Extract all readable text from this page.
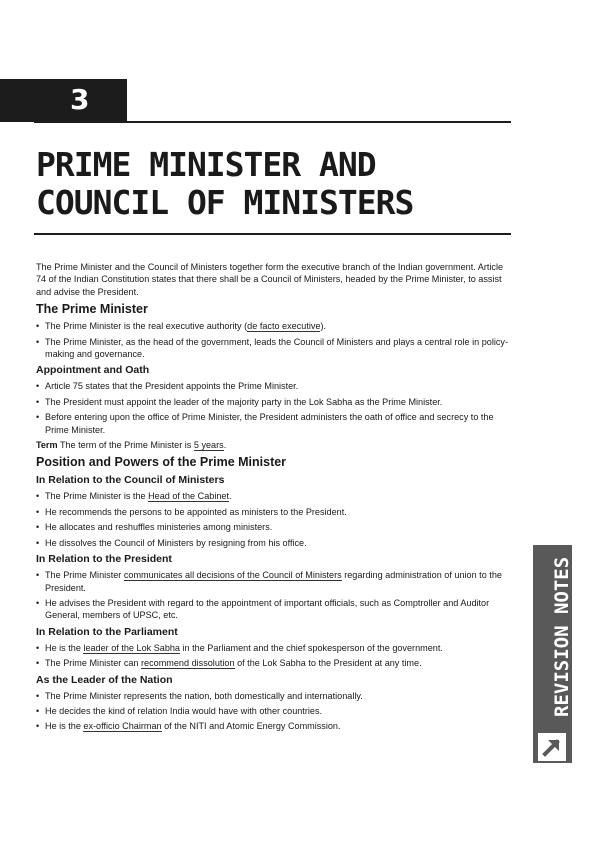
3
PRIME MINISTER AND
COUNCIL OF MINISTERS

The Prime Minister and the Council of Ministers together form the executive branch of the Indian government. Article 74 of the Indian Constitution states that there shall be a Council of Ministers, headed by the Prime Minister, to assist and advise the President.

The Prime Minister
• The Prime Minister is the real executive authority (de facto executive).
• The Prime Minister, as the head of the government, leads the Council of Ministers and plays a central role in policy-making and governance.
Appointment and Oath
• Article 75 states that the President appoints the Prime Minister.
• The President must appoint the leader of the majority party in the Lok Sabha as the Prime Minister.
• Before entering upon the office of Prime Minister, the President administers the oath of office and secrecy to the Prime Minister.

Term The term of the Prime Minister is 5 years.

Position and Powers of the Prime Minister
In Relation to the Council of Ministers
• The Prime Minister is the Head of the Cabinet.
• He recommends the persons to be appointed as ministers to the President.
• He allocates and reshuffles ministeries among ministers.
• He dissolves the Council of Ministers by resigning from his office.
In Relation to the President
• The Prime Minister communicates all decisions of the Council of Ministers regarding administration of union to the President.
• He advises the President with regard to the appointment of important officials, such as Comptroller and Auditor General, members of UPSC, etc.
In Relation to the Parliament
• He is the leader of the Lok Sabha in the Parliament and the chief spokesperson of the government.
• The Prime Minister can recommend dissolution of the Lok Sabha to the President at any time.
As the Leader of the Nation
• The Prime Minister represents the nation, both domestically and internationally.
• He decides the kind of relation India would have with other countries.
• He is the ex-officio Chairman of the NITI and Atomic Energy Commission.
REVISION NOTES
